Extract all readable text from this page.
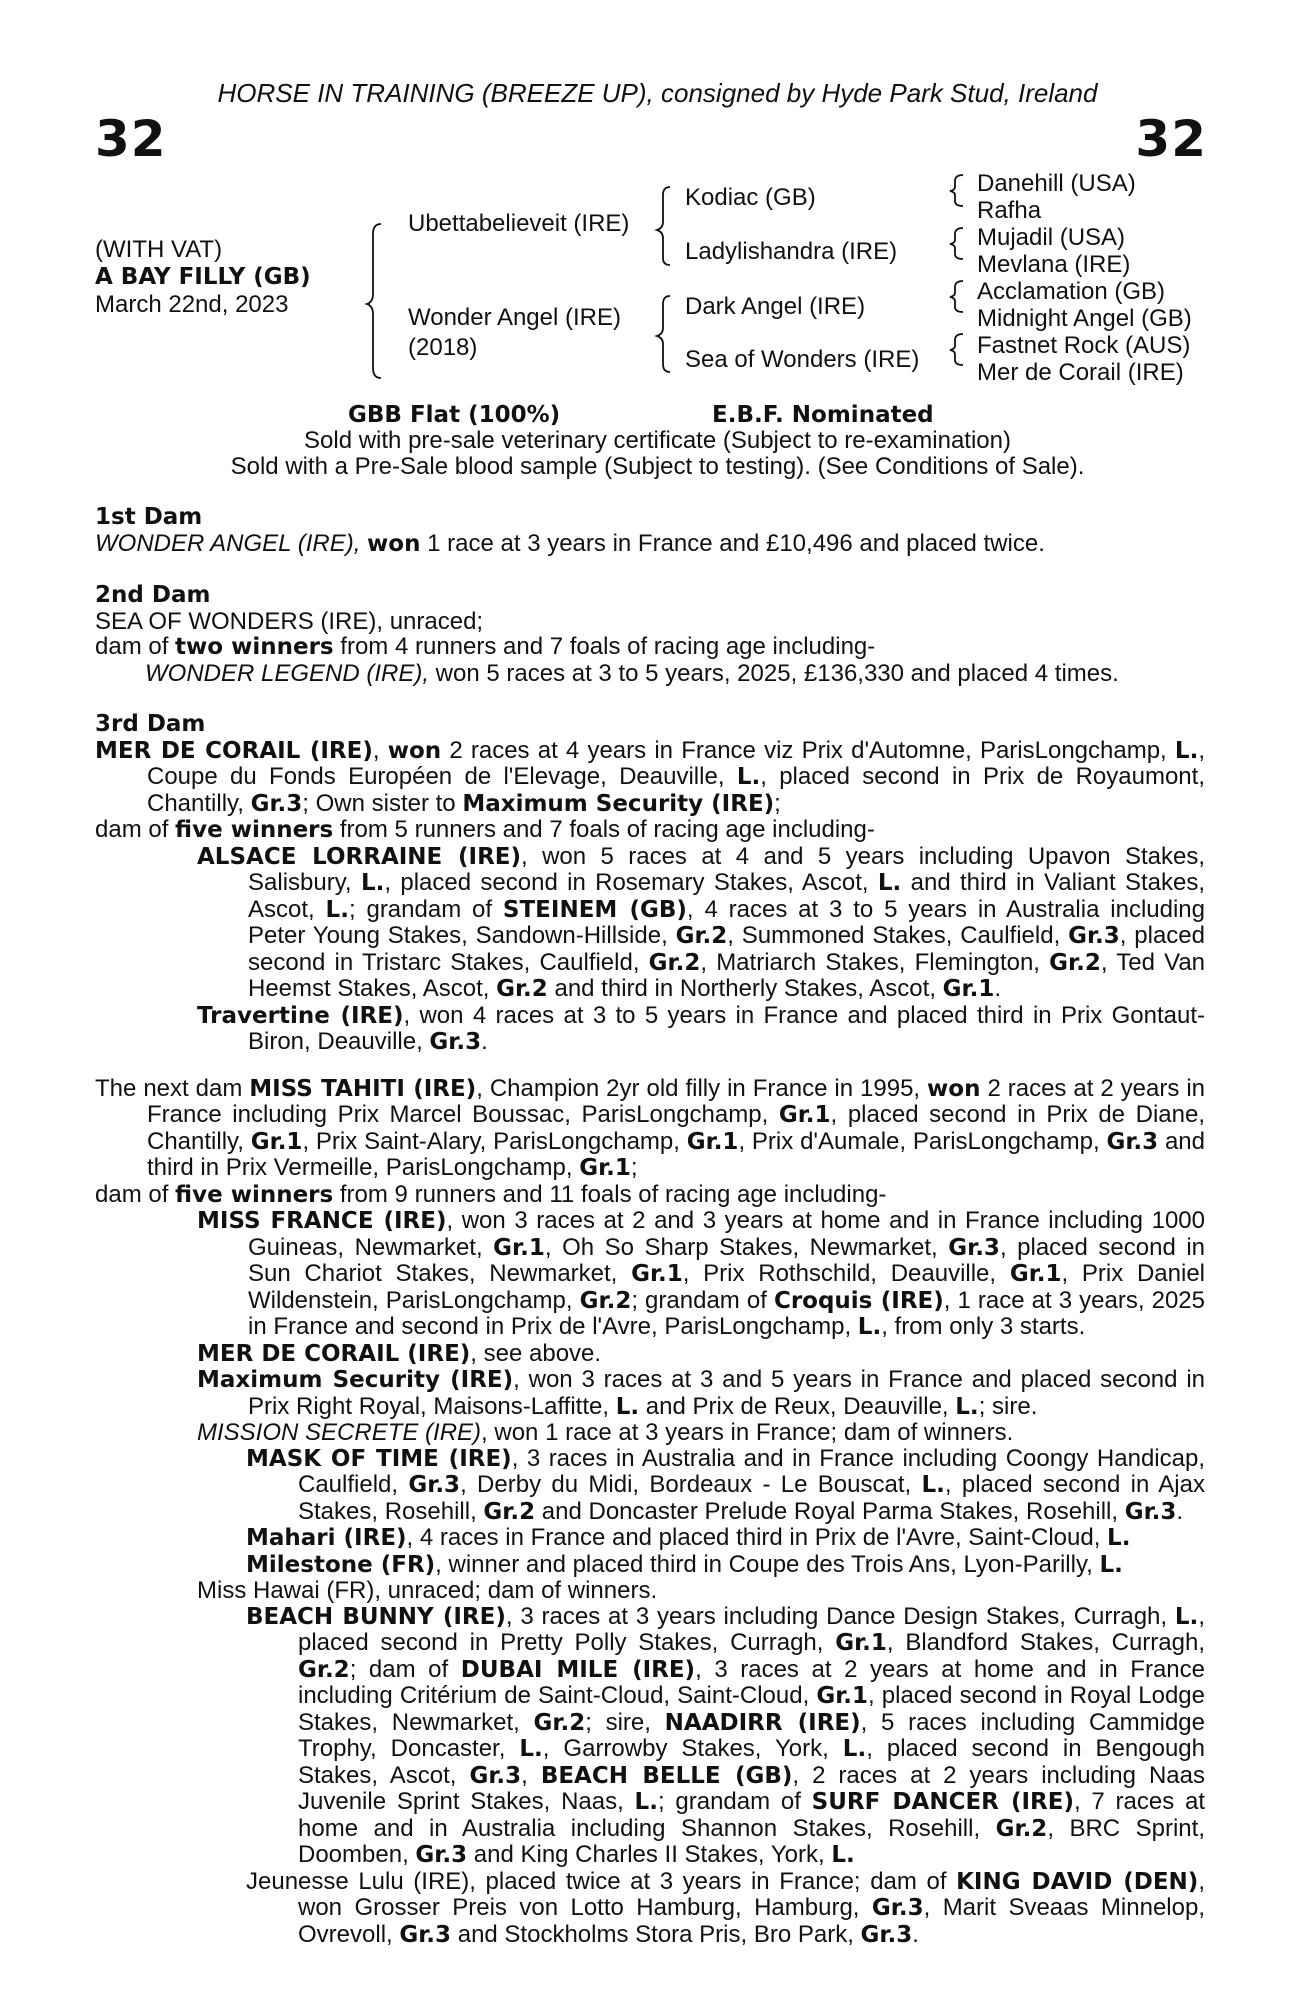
HORSE IN TRAINING (BREEZE UP), consigned by Hyde Park Stud, Ireland
32	32
(WITH VAT)
A BAY FILLY (GB)
March 22nd, 2023
Ubettabelieveit (IRE)
Wonder Angel (IRE)
(2018)
Kodiac (GB)
Ladylishandra (IRE)
Dark Angel (IRE)
Sea of Wonders (IRE)
Danehill (USA)
Rafha
Mujadil (USA)
Mevlana (IRE)
Acclamation (GB)
Midnight Angel (GB)
Fastnet Rock (AUS)
Mer de Corail (IRE)
GBB Flat (100%)	E.B.F. Nominated
Sold with pre-sale veterinary certificate (Subject to re-examination)
Sold with a Pre-Sale blood sample (Subject to testing). (See Conditions of Sale).
1st Dam
WONDER ANGEL (IRE), won 1 race at 3 years in France and £10,496 and placed twice.
2nd Dam
SEA OF WONDERS (IRE), unraced;
dam of two winners from 4 runners and 7 foals of racing age including-
WONDER LEGEND (IRE), won 5 races at 3 to 5 years, 2025, £136,330 and placed 4 times.
3rd Dam
MER DE CORAIL (IRE), won 2 races at 4 years in France viz Prix d'Automne, ParisLongchamp, L., Coupe du Fonds Européen de l'Elevage, Deauville, L., placed second in Prix de Royaumont, Chantilly, Gr.3; Own sister to Maximum Security (IRE);
dam of five winners from 5 runners and 7 foals of racing age including-
ALSACE LORRAINE (IRE), won 5 races at 4 and 5 years including Upavon Stakes, Salisbury, L., placed second in Rosemary Stakes, Ascot, L. and third in Valiant Stakes, Ascot, L.; grandam of STEINEM (GB), 4 races at 3 to 5 years in Australia including Peter Young Stakes, Sandown-Hillside, Gr.2, Summoned Stakes, Caulfield, Gr.3, placed second in Tristarc Stakes, Caulfield, Gr.2, Matriarch Stakes, Flemington, Gr.2, Ted Van Heemst Stakes, Ascot, Gr.2 and third in Northerly Stakes, Ascot, Gr.1.
Travertine (IRE), won 4 races at 3 to 5 years in France and placed third in Prix Gontaut-Biron, Deauville, Gr.3.
The next dam MISS TAHITI (IRE), Champion 2yr old filly in France in 1995, won 2 races at 2 years in France including Prix Marcel Boussac, ParisLongchamp, Gr.1, placed second in Prix de Diane, Chantilly, Gr.1, Prix Saint-Alary, ParisLongchamp, Gr.1, Prix d'Aumale, ParisLongchamp, Gr.3 and third in Prix Vermeille, ParisLongchamp, Gr.1;
dam of five winners from 9 runners and 11 foals of racing age including-
MISS FRANCE (IRE), won 3 races at 2 and 3 years at home and in France including 1000 Guineas, Newmarket, Gr.1, Oh So Sharp Stakes, Newmarket, Gr.3, placed second in Sun Chariot Stakes, Newmarket, Gr.1, Prix Rothschild, Deauville, Gr.1, Prix Daniel Wildenstein, ParisLongchamp, Gr.2; grandam of Croquis (IRE), 1 race at 3 years, 2025 in France and second in Prix de l'Avre, ParisLongchamp, L., from only 3 starts.
MER DE CORAIL (IRE), see above.
Maximum Security (IRE), won 3 races at 3 and 5 years in France and placed second in Prix Right Royal, Maisons-Laffitte, L. and Prix de Reux, Deauville, L.; sire.
MISSION SECRETE (IRE), won 1 race at 3 years in France; dam of winners.
MASK OF TIME (IRE), 3 races in Australia and in France including Coongy Handicap, Caulfield, Gr.3, Derby du Midi, Bordeaux - Le Bouscat, L., placed second in Ajax Stakes, Rosehill, Gr.2 and Doncaster Prelude Royal Parma Stakes, Rosehill, Gr.3.
Mahari (IRE), 4 races in France and placed third in Prix de l'Avre, Saint-Cloud, L.
Milestone (FR), winner and placed third in Coupe des Trois Ans, Lyon-Parilly, L.
Miss Hawai (FR), unraced; dam of winners.
BEACH BUNNY (IRE), 3 races at 3 years including Dance Design Stakes, Curragh, L., placed second in Pretty Polly Stakes, Curragh, Gr.1, Blandford Stakes, Curragh, Gr.2; dam of DUBAI MILE (IRE), 3 races at 2 years at home and in France including Critérium de Saint-Cloud, Saint-Cloud, Gr.1, placed second in Royal Lodge Stakes, Newmarket, Gr.2; sire, NAADIRR (IRE), 5 races including Cammidge Trophy, Doncaster, L., Garrowby Stakes, York, L., placed second in Bengough Stakes, Ascot, Gr.3, BEACH BELLE (GB), 2 races at 2 years including Naas Juvenile Sprint Stakes, Naas, L.; grandam of SURF DANCER (IRE), 7 races at home and in Australia including Shannon Stakes, Rosehill, Gr.2, BRC Sprint, Doomben, Gr.3 and King Charles II Stakes, York, L.
Jeunesse Lulu (IRE), placed twice at 3 years in France; dam of KING DAVID (DEN), won Grosser Preis von Lotto Hamburg, Hamburg, Gr.3, Marit Sveaas Minnelop, Ovrevoll, Gr.3 and Stockholms Stora Pris, Bro Park, Gr.3.
